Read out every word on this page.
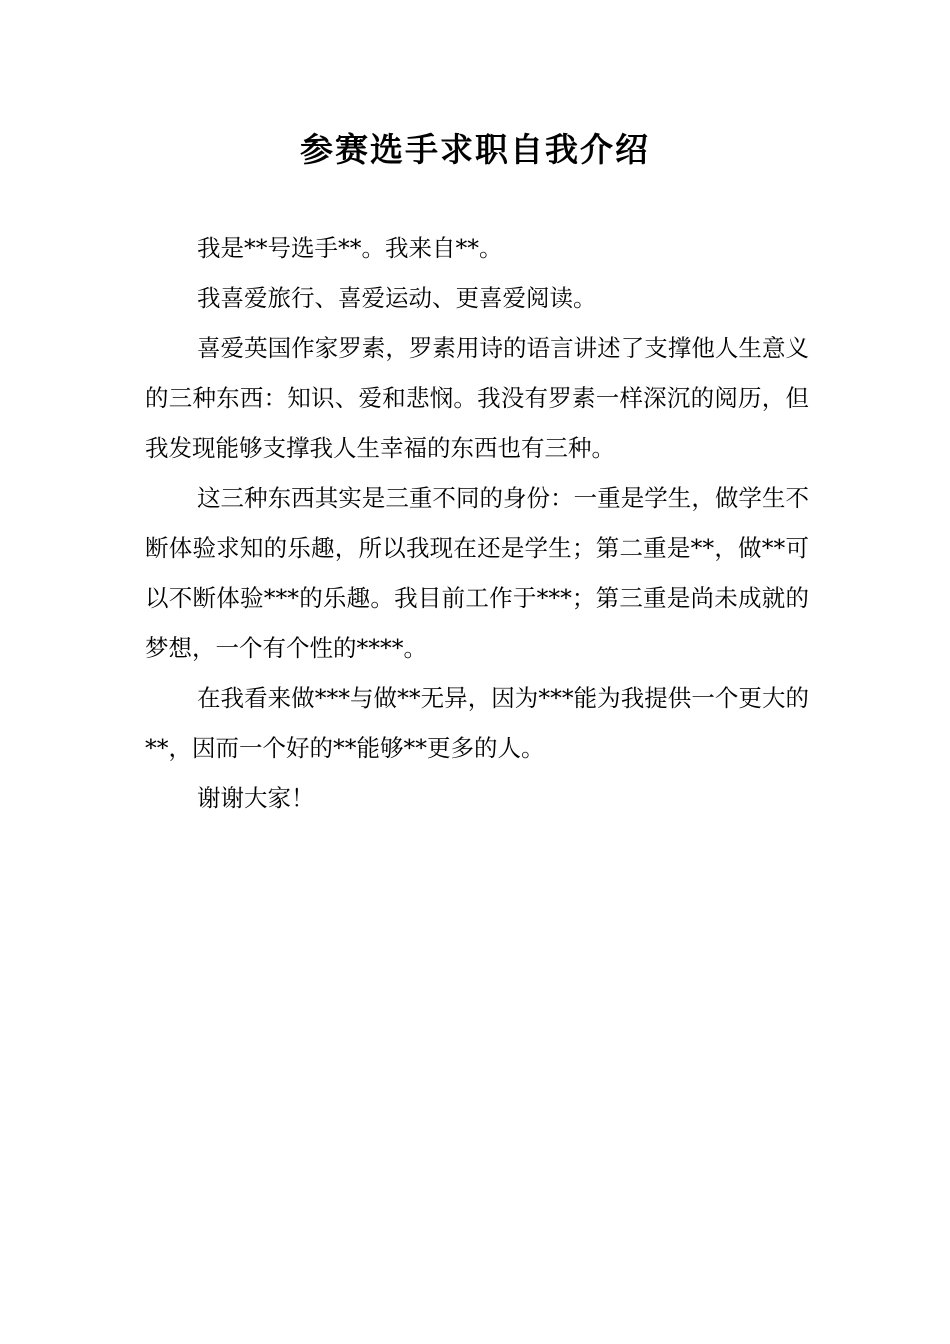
参赛选手求职自我介绍

我是**号选手**。我来自**。

我喜爱旅行、喜爱运动、更喜爱阅读。

喜爱英国作家罗素，罗素用诗的语言讲述了支撑他人生意义的三种东西：知识、爱和悲悯。我没有罗素一样深沉的阅历，但我发现能够支撑我人生幸福的东西也有三种。

这三种东西其实是三重不同的身份：一重是学生，做学生不断体验求知的乐趣，所以我现在还是学生；第二重是**，做**可以不断体验***的乐趣。我目前工作于***；第三重是尚未成就的梦想，一个有个性的****。

在我看来做***与做**无异，因为***能为我提供一个更大的**，因而一个好的**能够**更多的人。

谢谢大家！
